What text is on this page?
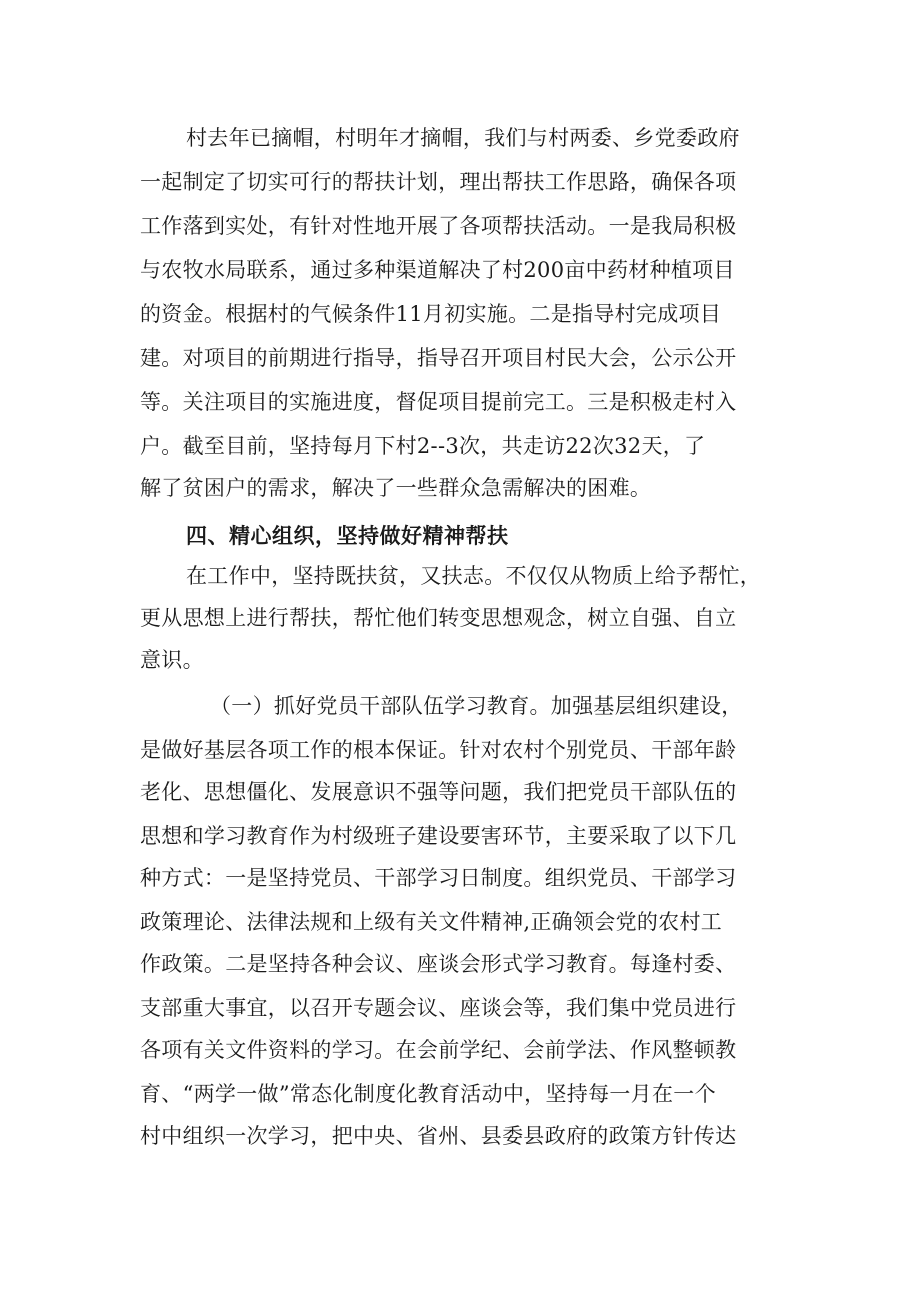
村去年已摘帽，村明年才摘帽，我们与村两委、乡党委政府
一起制定了切实可行的帮扶计划，理出帮扶工作思路，确保各项
工作落到实处，有针对性地开展了各项帮扶活动。一是我局积极
与农牧水局联系，通过多种渠道解决了村200亩中药材种植项目
的资金。根据村的气候条件11月初实施。二是指导村完成项目
建。对项目的前期进行指导，指导召开项目村民大会，公示公开
等。关注项目的实施进度，督促项目提前完工。三是积极走村入
户。截至目前，坚持每月下村2--3次，共走访22次32天，了
解了贫困户的需求，解决了一些群众急需解决的困难。
四、精心组织，坚持做好精神帮扶
在工作中，坚持既扶贫，又扶志。不仅仅从物质上给予帮忙，
更从思想上进行帮扶，帮忙他们转变思想观念，树立自强、自立
意识。
（一）抓好党员干部队伍学习教育。加强基层组织建设，
是做好基层各项工作的根本保证。针对农村个别党员、干部年龄
老化、思想僵化、发展意识不强等问题，我们把党员干部队伍的
思想和学习教育作为村级班子建设要害环节，主要采取了以下几
种方式：一是坚持党员、干部学习日制度。组织党员、干部学习
政策理论、法律法规和上级有关文件精神,正确领会党的农村工
作政策。二是坚持各种会议、座谈会形式学习教育。每逢村委、
支部重大事宜，以召开专题会议、座谈会等，我们集中党员进行
各项有关文件资料的学习。在会前学纪、会前学法、作风整顿教
育、“两学一做”常态化制度化教育活动中，坚持每一月在一个
村中组织一次学习，把中央、省州、县委县政府的政策方针传达
